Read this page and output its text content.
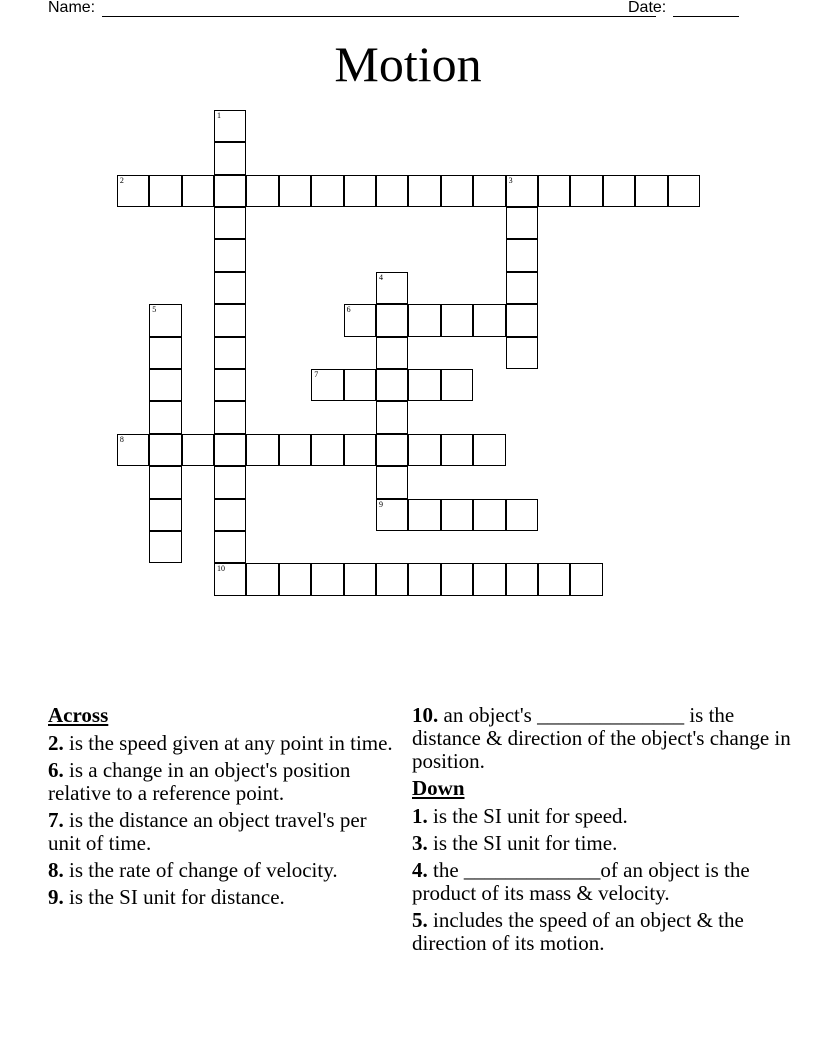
Name:	Date:
Motion
1
2	3
4
5	6
7
8
9
10
Across
2. is the speed given at any point in time.
6. is a change in an object's position relative to a reference point.
7. is the distance an object travel's per unit of time.
8. is the rate of change of velocity.
9. is the SI unit for distance.
10. an object's ______________ is the distance & direction of the object's change in position.
Down
1. is the SI unit for speed.
3. is the SI unit for time.
4. the _____________of an object is the product of its mass & velocity.
5. includes the speed of an object & the direction of its motion.
